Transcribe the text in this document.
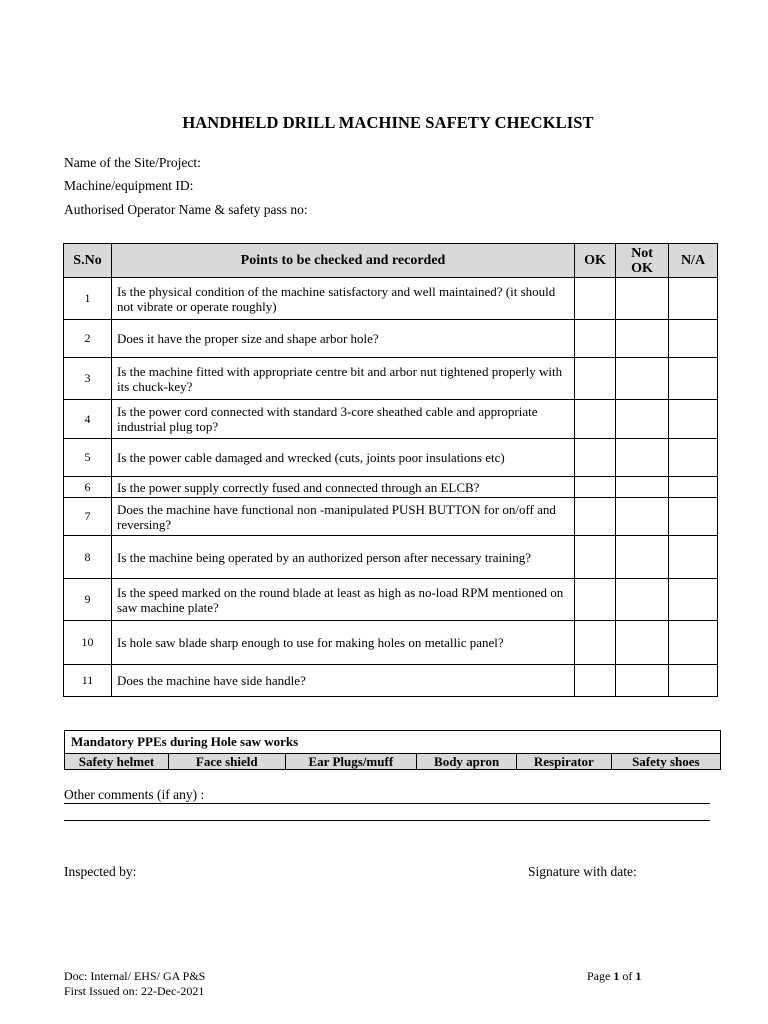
HANDHELD DRILL MACHINE SAFETY CHECKLIST
Name of the Site/Project:
Machine/equipment ID:
Authorised Operator Name & safety pass no:
S.No	Points to be checked and recorded	OK	Not OK	N/A
1	Is the physical condition of the machine satisfactory and well maintained? (it should not vibrate or operate roughly)			
2	Does it have the proper size and shape arbor hole?			
3	Is the machine fitted with appropriate centre bit and arbor nut tightened properly with its chuck-key?			
4	Is the power cord connected with standard 3-core sheathed cable and appropriate industrial plug top?			
5	Is the power cable damaged and wrecked (cuts, joints poor insulations etc)			
6	Is the power supply correctly fused and connected through an ELCB?			
7	Does the machine have functional non -manipulated PUSH BUTTON for on/off and reversing?			
8	Is the machine being operated by an authorized person after necessary training?			
9	Is the speed marked on the round blade at least as high as no-load RPM mentioned on saw machine plate?			
10	Is hole saw blade sharp enough to use for making holes on metallic panel?			
11	Does the machine have side handle?			
Mandatory PPEs during Hole saw works
Safety helmet	Face shield	Ear Plugs/muff	Body apron	Respirator	Safety shoes
Other comments (if any) :
Inspected by:	Signature with date:
Doc: Internal/ EHS/ GA P&S
First Issued on: 22-Dec-2021
Page 1 of 1
